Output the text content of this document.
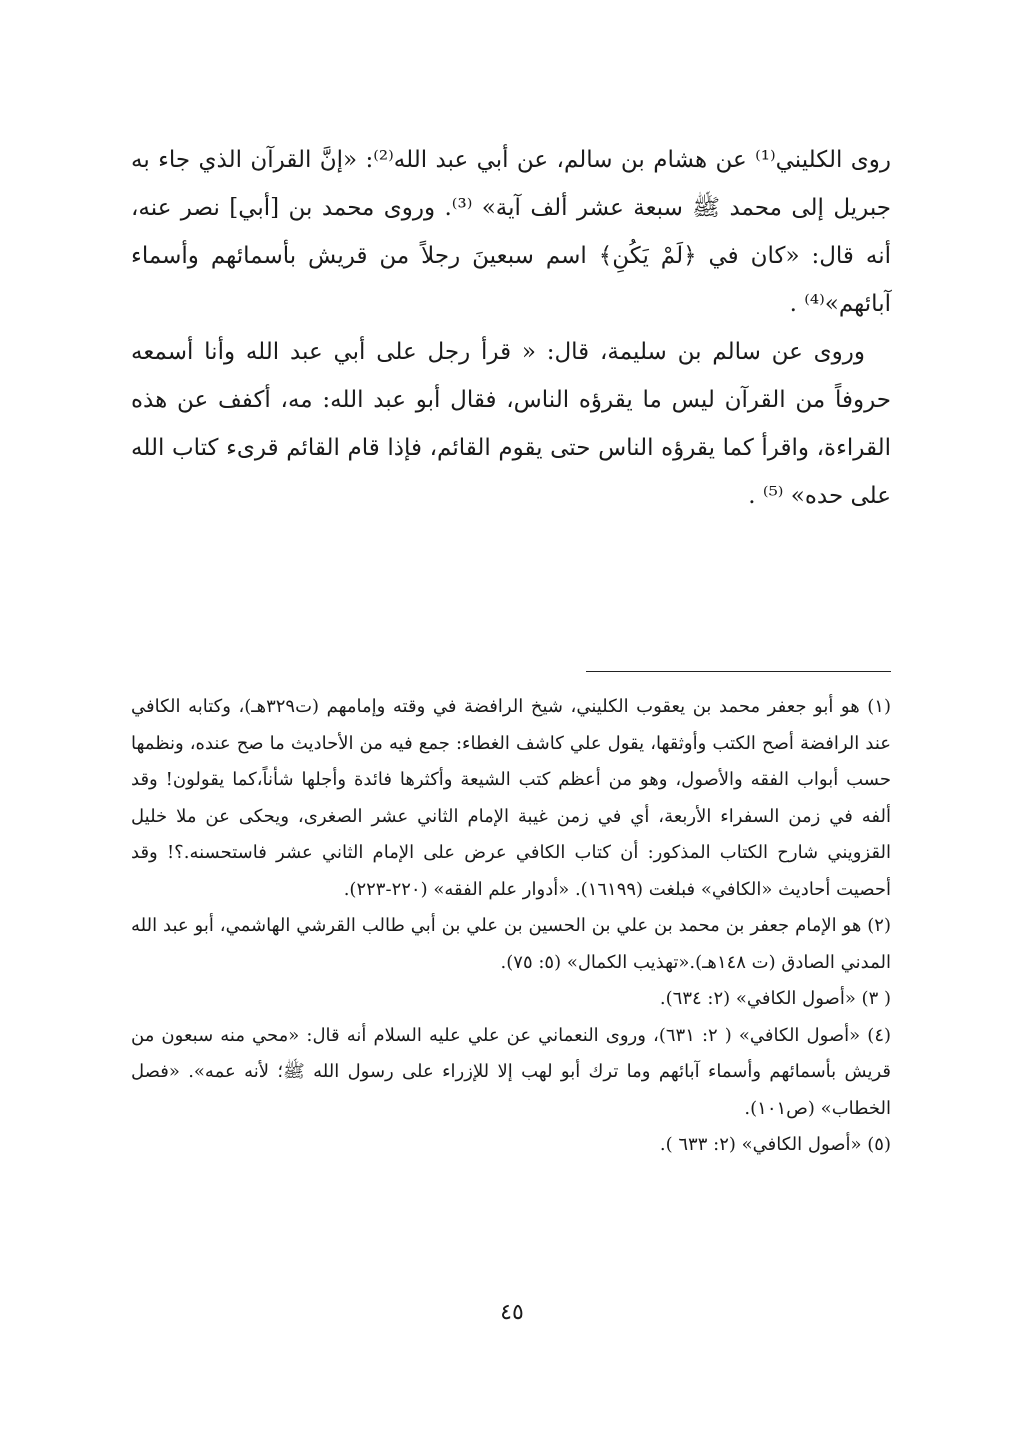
روى الكليني⁽¹⁾ عن هشام بن سالم، عن أبي عبد الله⁽²⁾: «إنَّ القرآن الذي جاء به جبريل إلى محمد ﷺ سبعة عشر ألف آية» ⁽³⁾. وروى محمد بن [أبي] نصر عنه، أنه قال: «كان في ﴿لَمْ يَكُنِ﴾ اسم سبعينَ رجلاً من قريش بأسمائهم وأسماء آبائهم»⁽⁴⁾ .

وروى عن سالم بن سليمة، قال: « قرأ رجل على أبي عبد الله وأنا أسمعه حروفاً من القرآن ليس ما يقرؤه الناس، فقال أبو عبد الله: مه، أكفف عن هذه القراءة، واقرأ كما يقرؤه الناس حتى يقوم القائم، فإذا قام القائم قرىء كتاب الله على حده» ⁽⁵⁾ .

(١) هو أبو جعفر محمد بن يعقوب الكليني، شيخ الرافضة في وقته وإمامهم (ت٣٢٩هـ)، وكتابه الكافي عند الرافضة أصح الكتب وأوثقها، يقول علي كاشف الغطاء: جمع فيه من الأحاديث ما صح عنده، ونظمها حسب أبواب الفقه والأصول، وهو من أعظم كتب الشيعة وأكثرها فائدة وأجلها شأناً،كما يقولون! وقد ألفه في زمن السفراء الأربعة، أي في زمن غيبة الإمام الثاني عشر الصغرى، ويحكى عن ملا خليل القزويني شارح الكتاب المذكور: أن كتاب الكافي عرض على الإمام الثاني عشر فاستحسنه.؟! وقد أحصيت أحاديث «الكافي» فبلغت (١٦١٩٩). «أدوار علم الفقه» (٢٢٠-٢٢٣).

(٢) هو الإمام جعفر بن محمد بن علي بن الحسين بن علي بن أبي طالب القرشي الهاشمي، أبو عبد الله المدني الصادق (ت ١٤٨هـ).«تهذيب الكمال» (٥: ٧٥).

( ٣) «أصول الكافي» (٢: ٦٣٤).

(٤) «أصول الكافي» ( ٢: ٦٣١)، وروى النعماني عن علي عليه السلام أنه قال: «محي منه سبعون من قريش بأسمائهم وأسماء آبائهم وما ترك أبو لهب إلا للإزراء على رسول الله ﷺ؛ لأنه عمه». «فصل الخطاب» (ص١٠١).

(٥) «أصول الكافي» (٢: ٦٣٣ ).

٤٥
